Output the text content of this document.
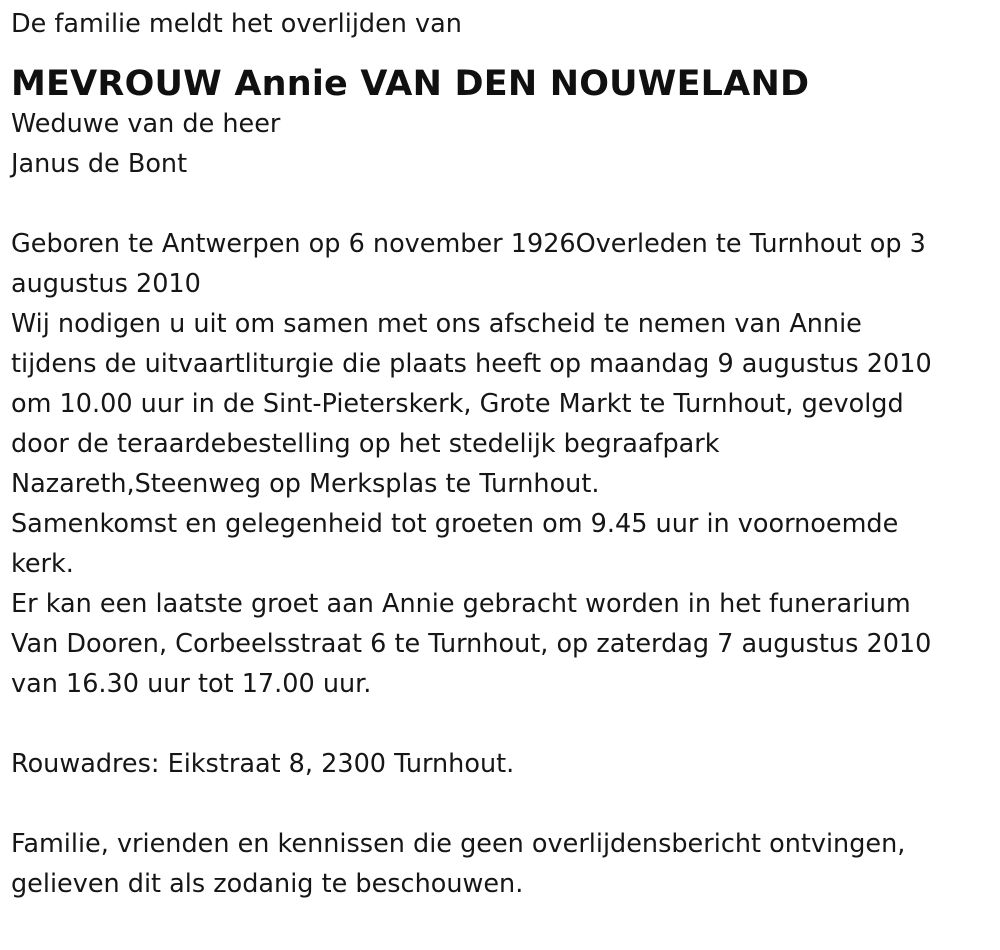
De familie meldt het overlijden van
MEVROUW Annie VAN DEN NOUWELAND
Weduwe van de heer
Janus de Bont
Geboren te Antwerpen op 6 november 1926Overleden te Turnhout op 3
augustus 2010
Wij nodigen u uit om samen met ons afscheid te nemen van Annie
tijdens de uitvaartliturgie die plaats heeft op maandag 9 augustus 2010
om 10.00 uur in de Sint-Pieterskerk, Grote Markt te Turnhout, gevolgd
door de teraardebestelling op het stedelijk begraafpark
Nazareth,Steenweg op Merksplas te Turnhout.
Samenkomst en gelegenheid tot groeten om 9.45 uur in voornoemde
kerk.
Er kan een laatste groet aan Annie gebracht worden in het funerarium
Van Dooren, Corbeelsstraat 6 te Turnhout, op zaterdag 7 augustus 2010
van 16.30 uur tot 17.00 uur.
Rouwadres: Eikstraat 8, 2300 Turnhout.
Familie, vrienden en kennissen die geen overlijdensbericht ontvingen,
gelieven dit als zodanig te beschouwen.
